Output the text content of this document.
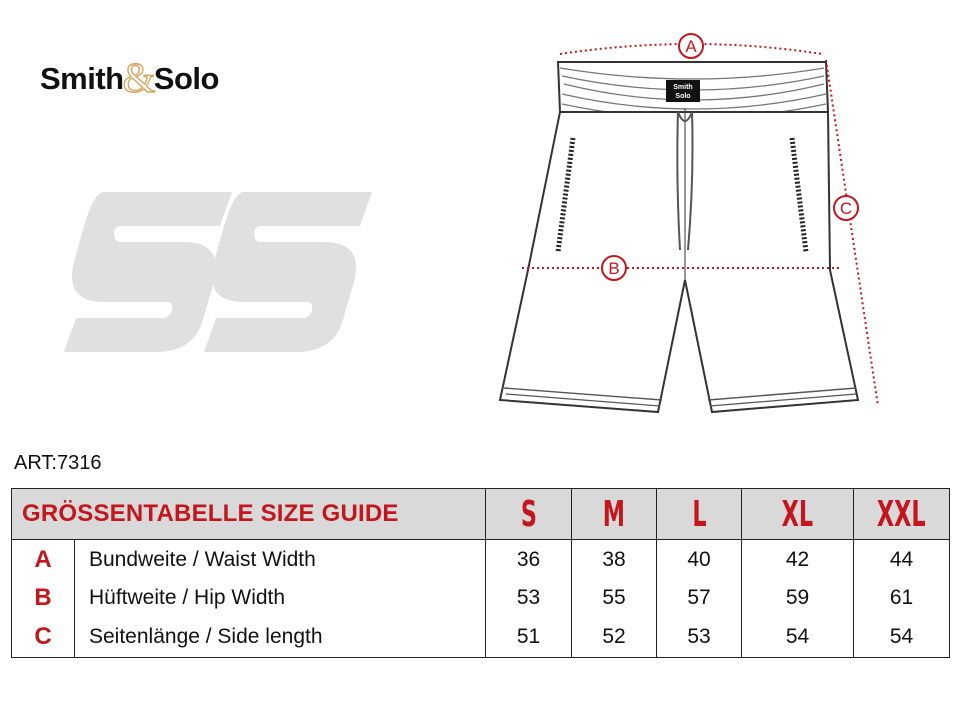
Smith&Solo	Smith
Solo
A
B
C
ART:7316
GRÖSSENTABELLE SIZE GUIDE		S	M	L	XL	XXL
A	Bundweite / Waist Width	36	38	40	42	44
B	Hüftweite / Hip Width	53	55	57	59	61
C	Seitenlänge / Side length	51	52	53	54	54
